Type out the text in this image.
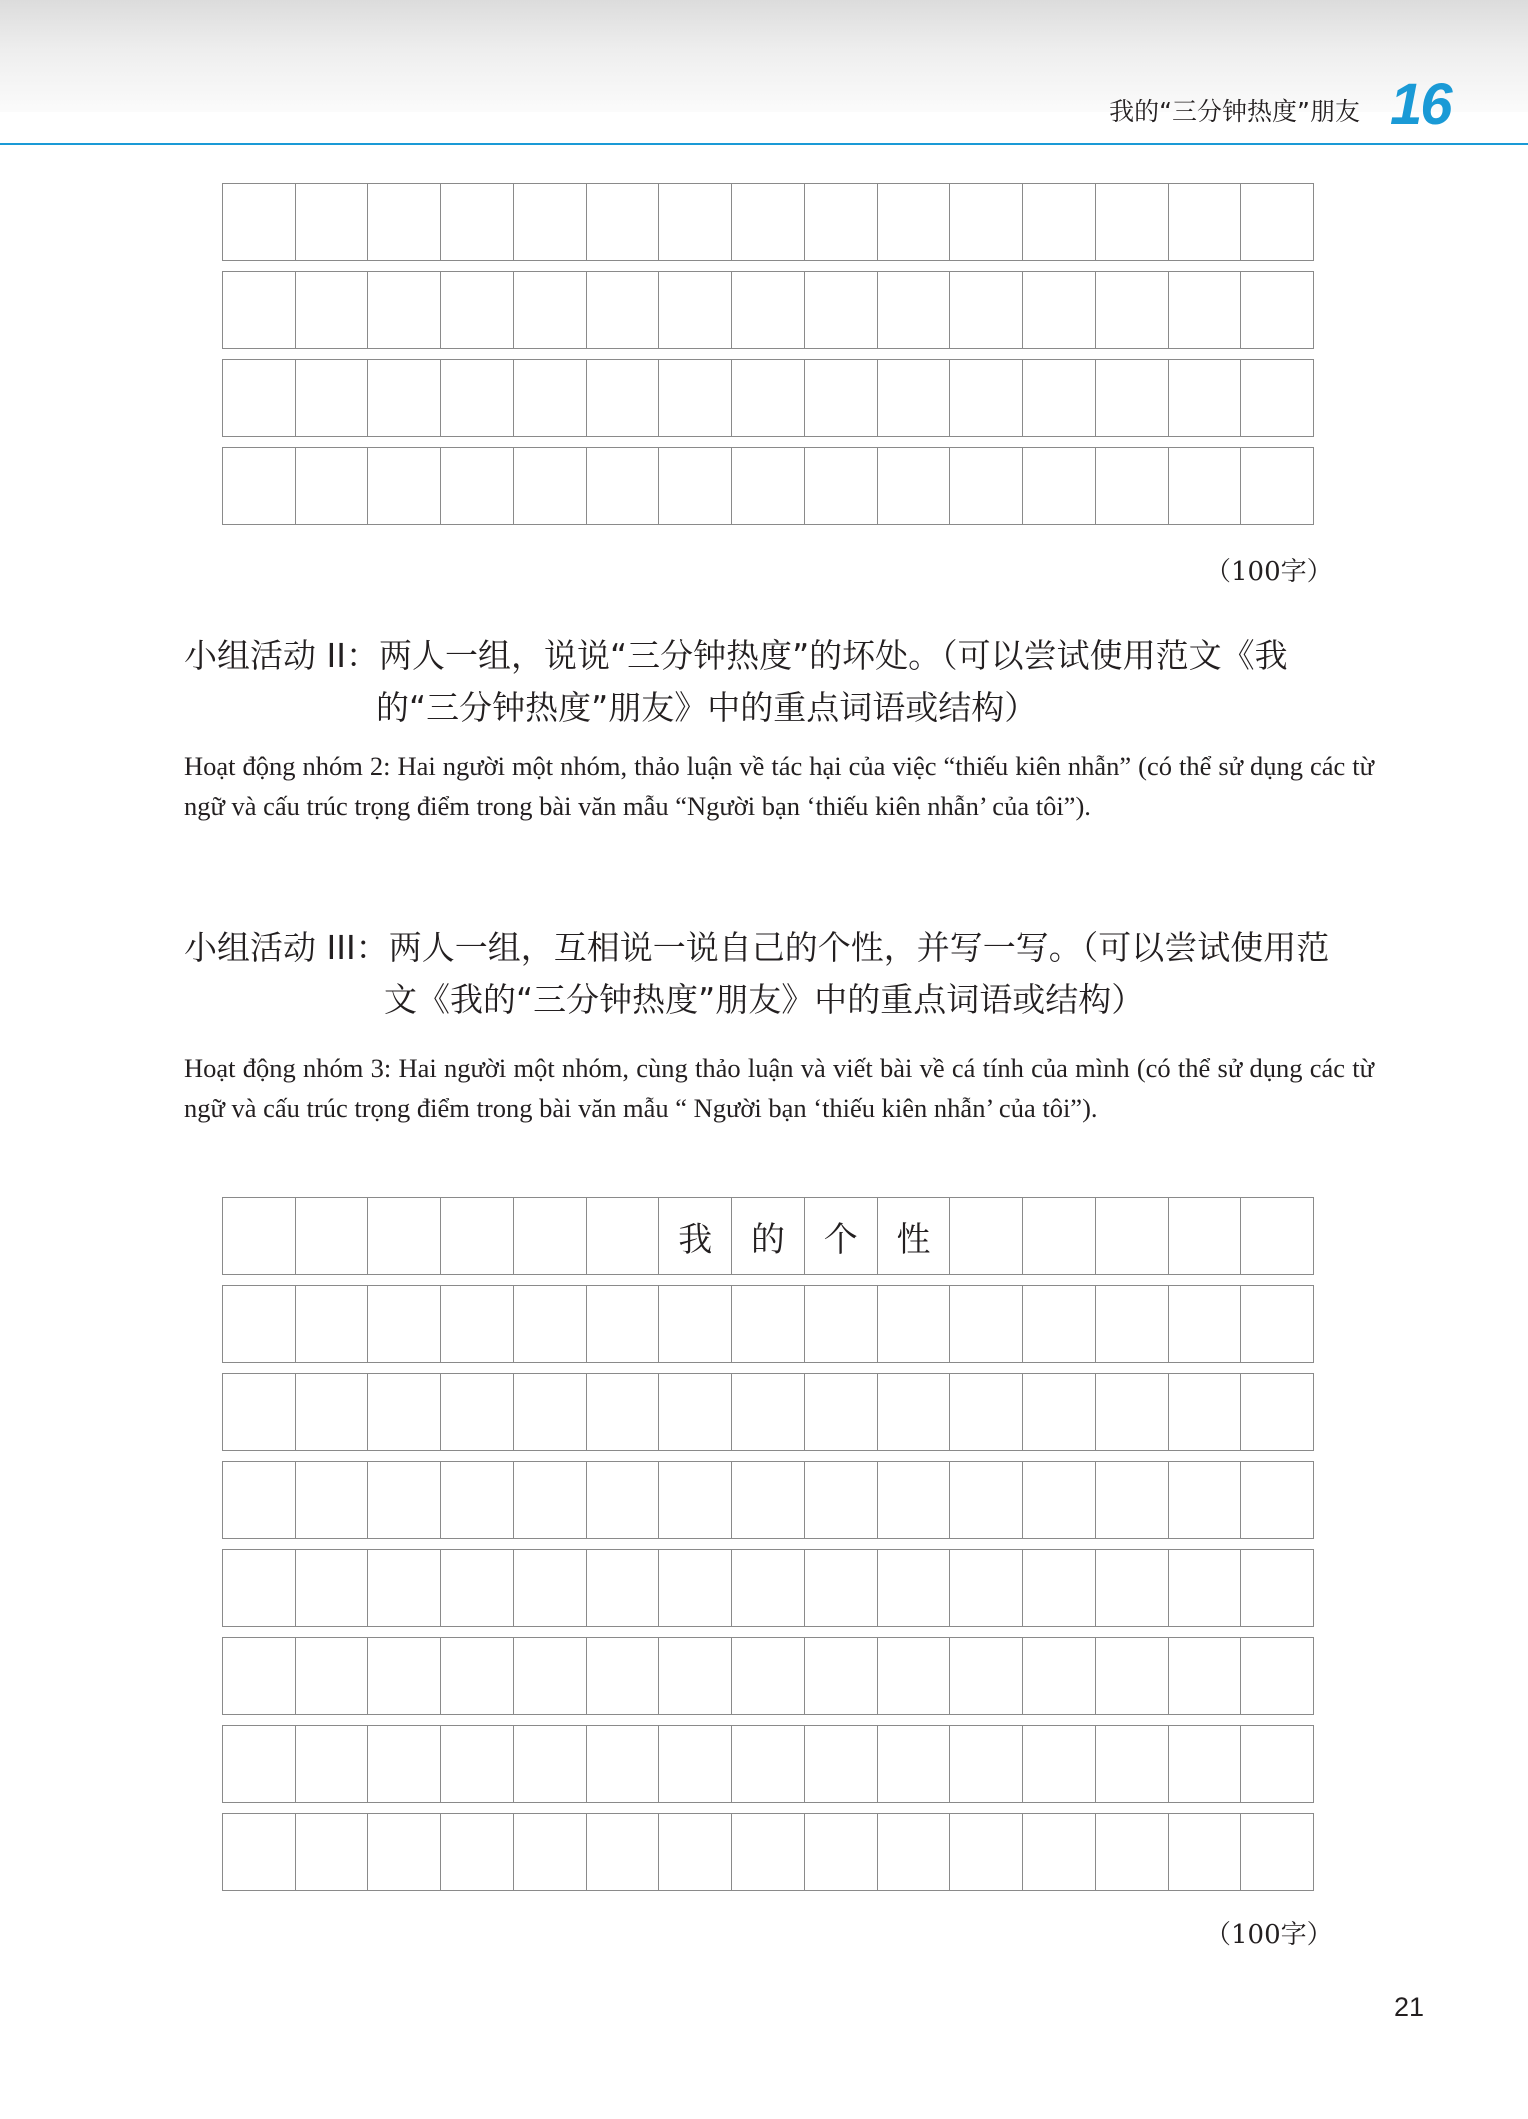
我的“三分钟热度”朋友 16
（100字）
小组活动 II：两人一组，说说“三分钟热度”的坏处。（可以尝试使用范文《我
的“三分钟热度”朋友》中的重点词语或结构）
Hoạt động nhóm 2: Hai người một nhóm, thảo luận về tác hại của việc “thiếu kiên nhẫn” (có thể sử dụng các từ ngữ và cấu trúc trọng điểm trong bài văn mẫu “Người bạn ‘thiếu kiên nhẫn’ của tôi”).
小组活动 III：两人一组，互相说一说自己的个性，并写一写。（可以尝试使用范
文《我的“三分钟热度”朋友》中的重点词语或结构）
Hoạt động nhóm 3: Hai người một nhóm, cùng thảo luận và viết bài về cá tính của mình (có thể sử dụng các từ ngữ và cấu trúc trọng điểm trong bài văn mẫu “ Người bạn ‘thiếu kiên nhẫn’ của tôi”).
我	的	个	性
（100字）
21
